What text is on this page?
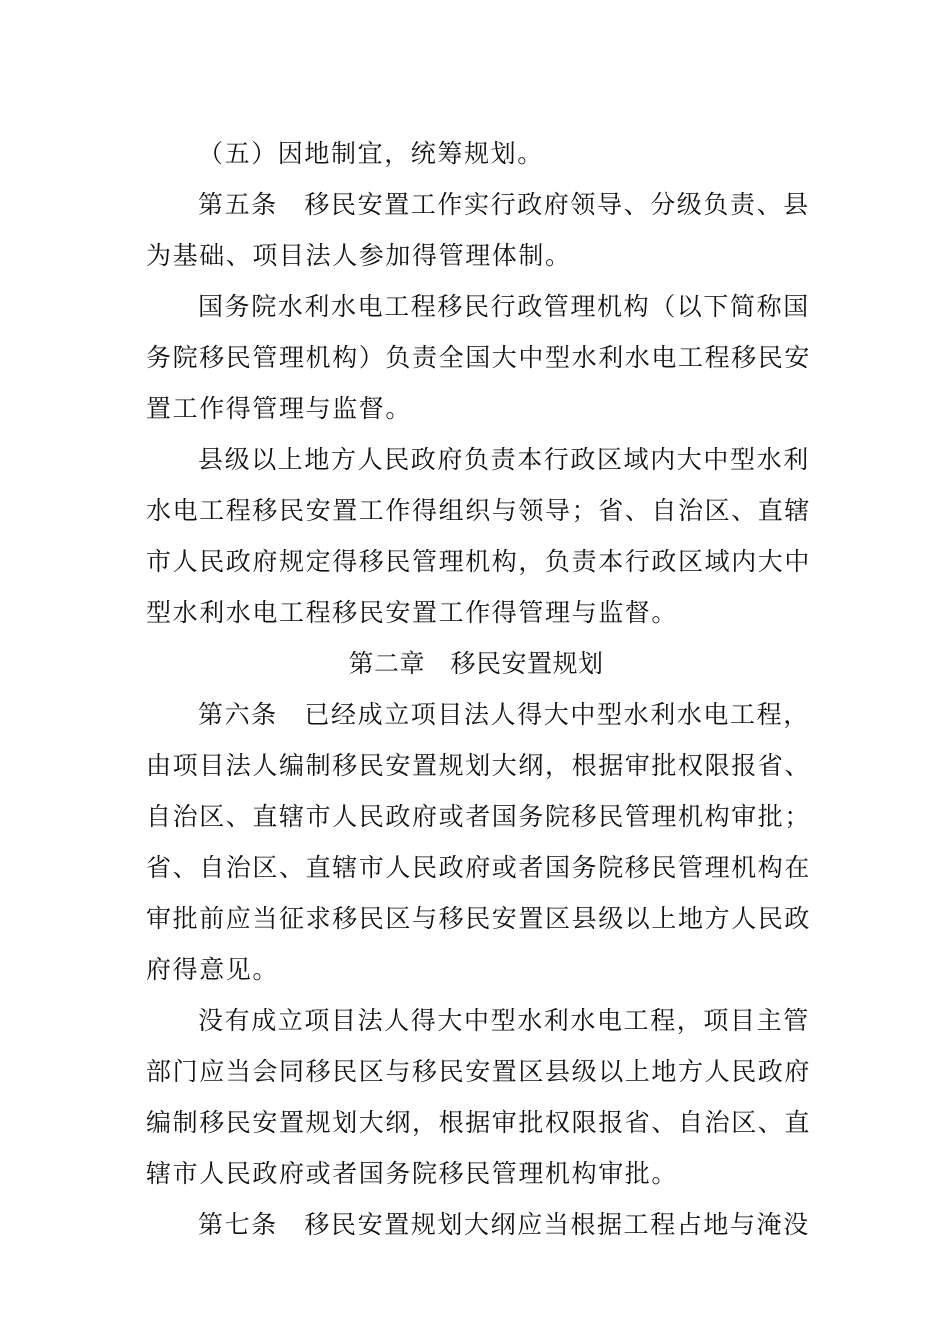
（五）因地制宜，统筹规划。
第五条　移民安置工作实行政府领导、分级负责、县
为基础、项目法人参加得管理体制。
国务院水利水电工程移民行政管理机构（以下简称国
务院移民管理机构）负责全国大中型水利水电工程移民安
置工作得管理与监督。
县级以上地方人民政府负责本行政区域内大中型水利
水电工程移民安置工作得组织与领导；省、自治区、直辖
市人民政府规定得移民管理机构，负责本行政区域内大中
型水利水电工程移民安置工作得管理与监督。
第二章　移民安置规划
第六条　已经成立项目法人得大中型水利水电工程，
由项目法人编制移民安置规划大纲，根据审批权限报省、
自治区、直辖市人民政府或者国务院移民管理机构审批；
省、自治区、直辖市人民政府或者国务院移民管理机构在
审批前应当征求移民区与移民安置区县级以上地方人民政
府得意见。
没有成立项目法人得大中型水利水电工程，项目主管
部门应当会同移民区与移民安置区县级以上地方人民政府
编制移民安置规划大纲，根据审批权限报省、自治区、直
辖市人民政府或者国务院移民管理机构审批。
第七条　移民安置规划大纲应当根据工程占地与淹没
